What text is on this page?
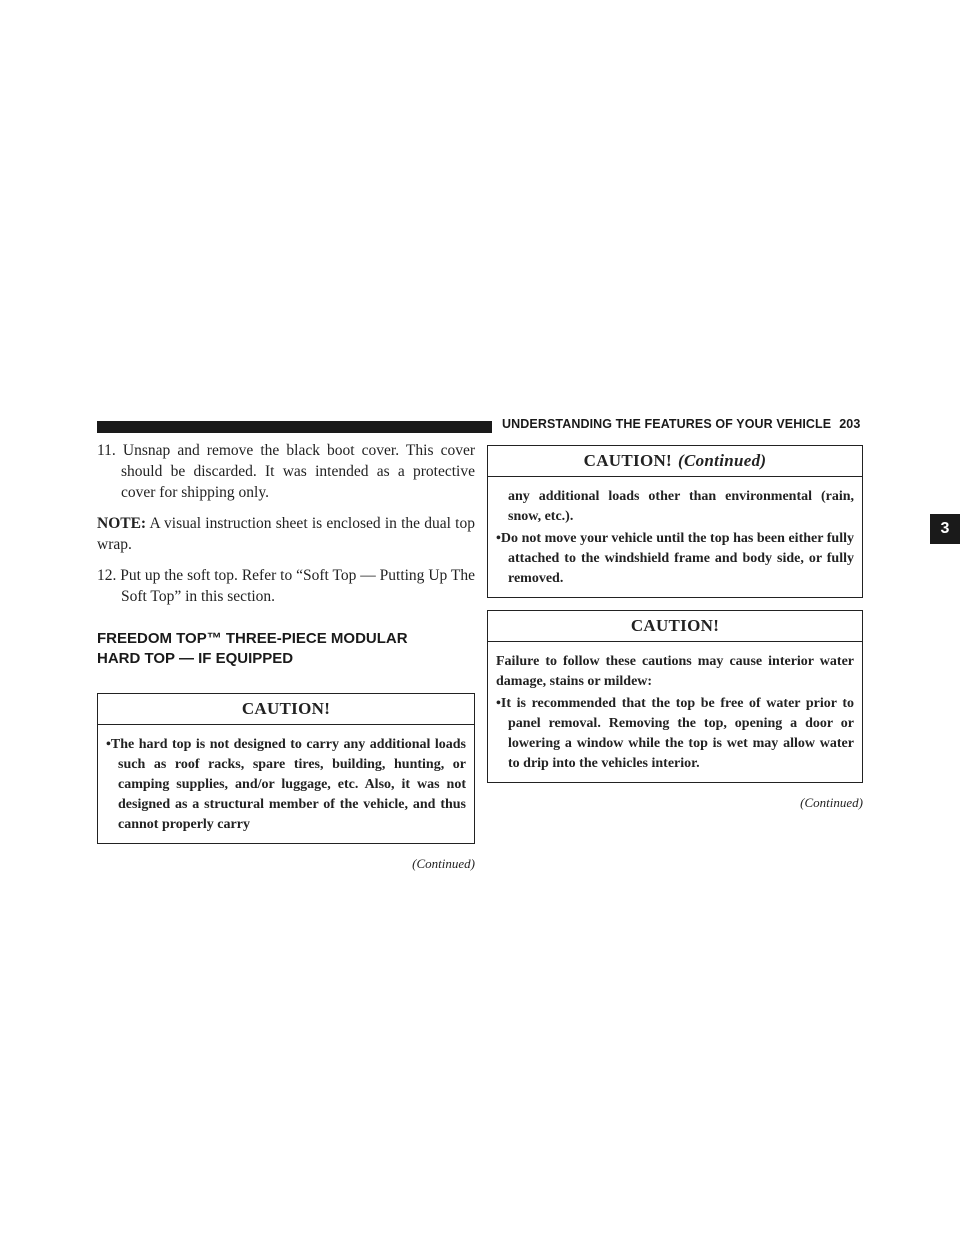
UNDERSTANDING THE FEATURES OF YOUR VEHICLE 203
3

11. Unsnap and remove the black boot cover. This cover should be discarded. It was intended as a protective cover for shipping only.

NOTE: A visual instruction sheet is enclosed in the dual top wrap.

12. Put up the soft top. Refer to “Soft Top — Putting Up The Soft Top” in this section.

FREEDOM TOP™ THREE-PIECE MODULAR
HARD TOP — IF EQUIPPED
CAUTION!

•The hard top is not designed to carry any additional loads such as roof racks, spare tires, building, hunting, or camping supplies, and/or luggage, etc. Also, it was not designed as a structural member of the vehicle, and thus cannot properly carry

(Continued)
CAUTION! (Continued)

any additional loads other than environmental (rain, snow, etc.).

•Do not move your vehicle until the top has been either fully attached to the windshield frame and body side, or fully removed.

CAUTION!

Failure to follow these cautions may cause interior water damage, stains or mildew:

•It is recommended that the top be free of water prior to panel removal. Removing the top, opening a door or lowering a window while the top is wet may allow water to drip into the vehicles interior.

(Continued)
